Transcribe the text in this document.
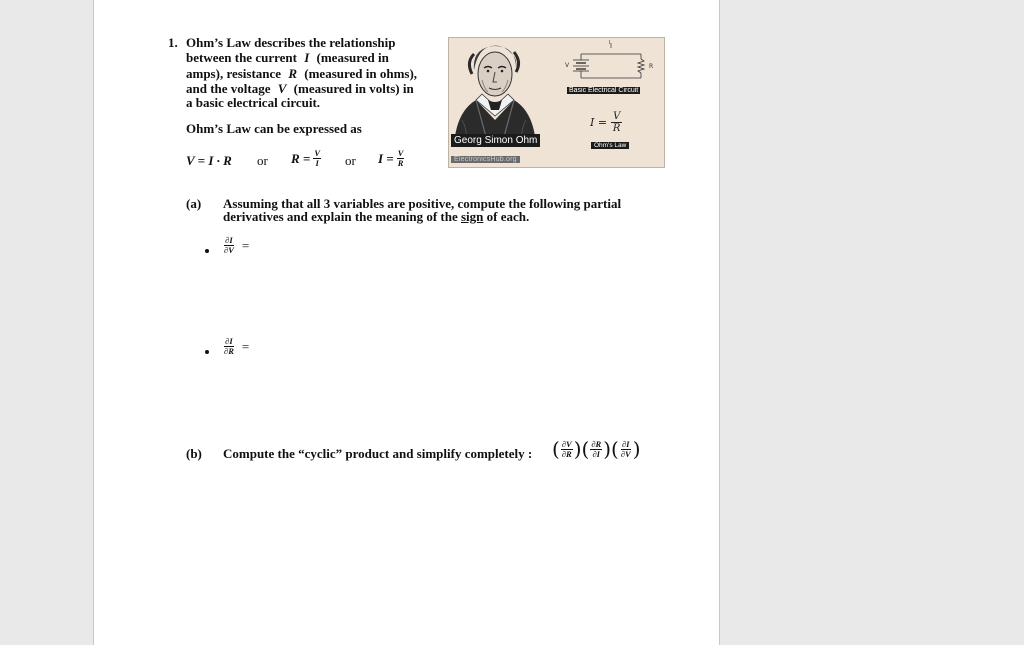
1. Ohm’s Law describes the relationship
between the current I (measured in
amps), resistance R (measured in ohms),
and the voltage V (measured in volts) in
a basic electrical circuit.
Ohm’s Law can be expressed as
V = I · R or $R = \frac{V}{I}$ or $I = \frac{V}{R}$
Georg Simon Ohm
ElectronicsHub.org
I
V	R
Basic Electrical Circuit
$I = \frac{V}{R}$
Ohm's Law
(a) Assuming that all 3 variables are positive, compute the following partial
derivatives and explain the meaning of the sign of each.
$\frac{\partial I}{\partial V}$ =
$\frac{\partial I}{\partial R}$ =
(b) Compute the “cyclic” product and simplify completely : ( $\frac{\partial V}{\partial R}$ ) ( $\frac{\partial R}{\partial I}$ ) ( $\frac{\partial I}{\partial V}$ )
